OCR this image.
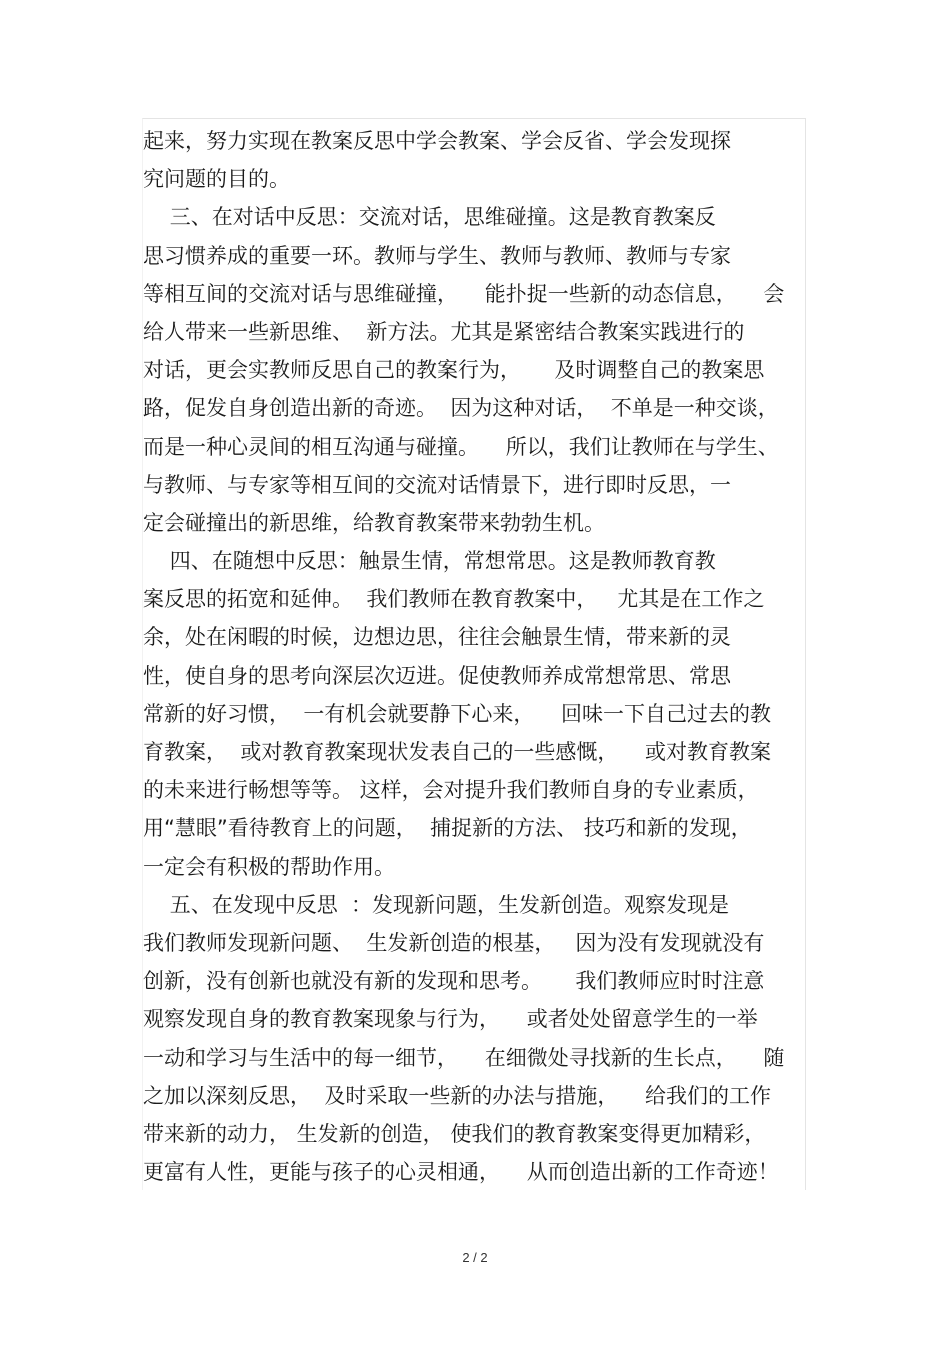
起来，努力实现在教案反思中学会教案、学会反省、学会发现探
究问题的目的。
三、在对话中反思：交流对话，思维碰撞。这是教育教案反
思习惯养成的重要一环。教师与学生、教师与教师、教师与专家
等相互间的交流对话与思维碰撞，    能扑捉一些新的动态信息，    会
给人带来一些新思维、  新方法。尤其是紧密结合教案实践进行的
对话，更会实教师反思自己的教案行为，     及时调整自己的教案思
路，促发自身创造出新的奇迹。  因为这种对话，  不单是一种交谈，
而是一种心灵间的相互沟通与碰撞。    所以，我们让教师在与学生、
与教师、与专家等相互间的交流对话情景下，进行即时反思，一
定会碰撞出的新思维，给教育教案带来勃勃生机。
四、在随想中反思：触景生情，常想常思。这是教师教育教
案反思的拓宽和延伸。  我们教师在教育教案中，   尤其是在工作之
余，处在闲暇的时候，边想边思，往往会触景生情，带来新的灵
性，使自身的思考向深层次迈进。促使教师养成常想常思、常思
常新的好习惯，  一有机会就要静下心来，    回味一下自己过去的教
育教案，  或对教育教案现状发表自己的一些感慨，    或对教育教案
的未来进行畅想等等。 这样，会对提升我们教师自身的专业素质，
用“慧眼”看待教育上的问题，  捕捉新的方法、 技巧和新的发现，
一定会有积极的帮助作用。
五、在发现中反思  ：发现新问题，生发新创造。观察发现是
我们教师发现新问题、  生发新创造的根基，   因为没有发现就没有
创新，没有创新也就没有新的发现和思考。     我们教师应时时注意
观察发现自身的教育教案现象与行为，    或者处处留意学生的一举
一动和学习与生活中的每一细节，    在细微处寻找新的生长点，    随
之加以深刻反思，  及时采取一些新的办法与措施，    给我们的工作
带来新的动力， 生发新的创造， 使我们的教育教案变得更加精彩，
更富有人性，更能与孩子的心灵相通，    从而创造出新的工作奇迹！
2 / 2
